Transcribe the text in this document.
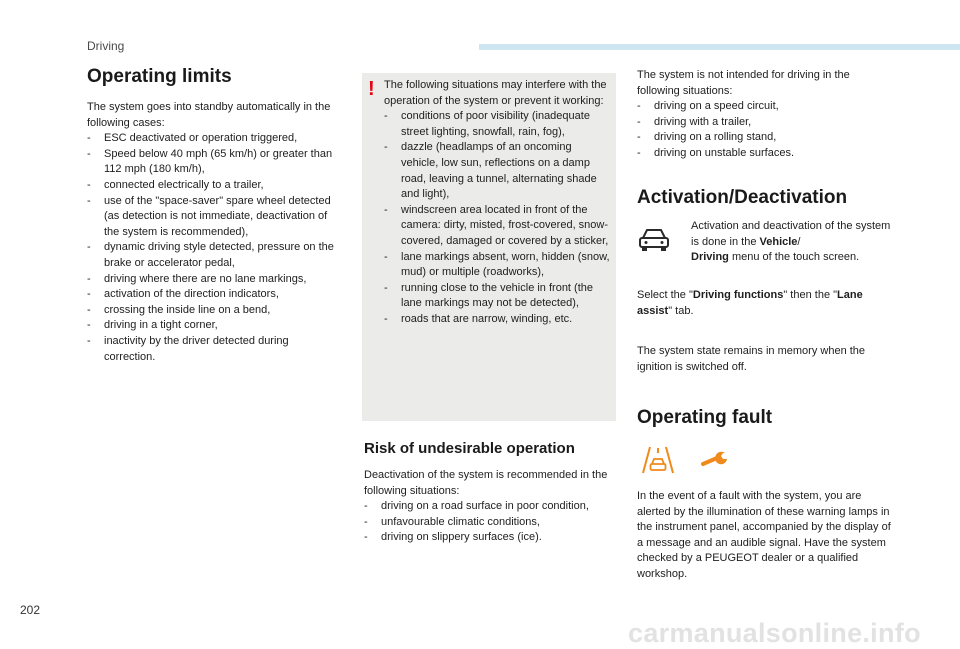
Driving
Operating limits

The system goes into standby automatically in the following cases:

- ESC deactivated or operation triggered,
- Speed below 40 mph (65 km/h) or greater than 112 mph (180 km/h),
- connected electrically to a trailer,
- use of the "space-saver" spare wheel detected (as detection is not immediate, deactivation of the system is recommended),
- dynamic driving style detected, pressure on the brake or accelerator pedal,
- driving where there are no lane markings,
- activation of the direction indicators,
- crossing the inside line on a bend,
- driving in a tight corner,
- inactivity by the driver detected during correction.
! The following situations may interfere with the operation of the system or prevent it working:

- conditions of poor visibility (inadequate street lighting, snowfall, rain, fog),
- dazzle (headlamps of an oncoming vehicle, low sun, reflections on a damp road, leaving a tunnel, alternating shade and light),
- windscreen area located in front of the camera: dirty, misted, frost-covered, snow-covered, damaged or covered by a sticker,
- lane markings absent, worn, hidden (snow, mud) or multiple (roadworks),
- running close to the vehicle in front (the lane markings may not be detected),
- roads that are narrow, winding, etc.
Risk of undesirable operation

Deactivation of the system is recommended in the following situations:

- driving on a road surface in poor condition,
- unfavourable climatic conditions,
- driving on slippery surfaces (ice).

The system is not intended for driving in the following situations:

- driving on a speed circuit,
- driving with a trailer,
- driving on a rolling stand,
- driving on unstable surfaces.
Activation/Deactivation

Activation and deactivation of the system is done in the Vehicle/
Driving menu of the touch screen.

Select the "Driving functions" then the "Lane assist" tab.

The system state remains in memory when the ignition is switched off.

Operating fault

In the event of a fault with the system, you are alerted by the illumination of these warning lamps in the instrument panel, accompanied by the display of a message and an audible signal. Have the system checked by a PEUGEOT dealer or a qualified workshop.

202
carmanualsonline.info
